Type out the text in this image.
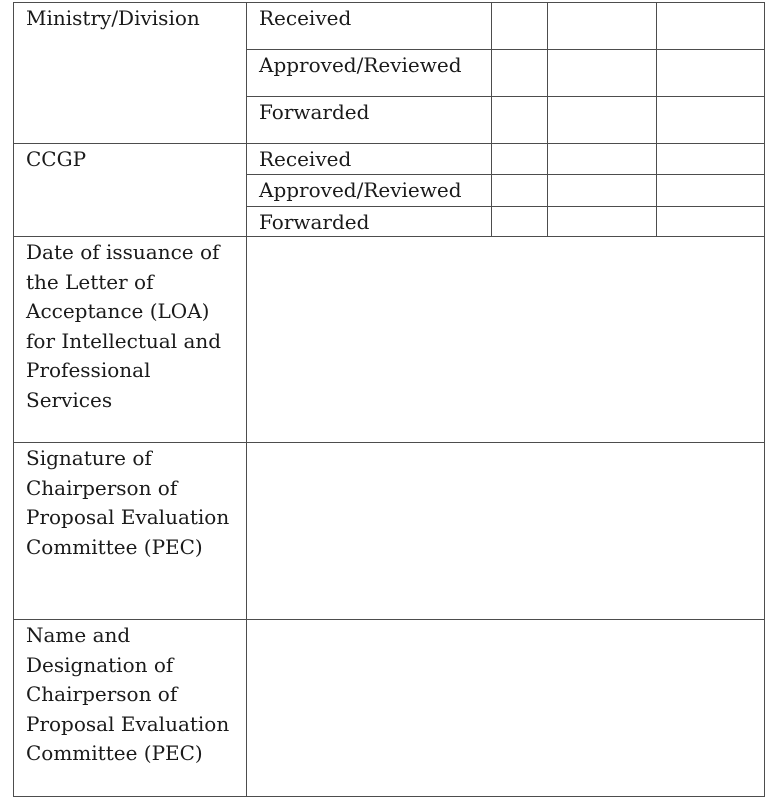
Ministry/Division	Received			

	Approved/Reviewed			

	Forwarded			

CCGP	Received			

	Approved/Reviewed			

	Forwarded			

Date of issuance of the Letter of Acceptance (LOA) for Intellectual and Professional Services				

Signature of Chairperson of Proposal Evaluation Committee (PEC)				

Name and Designation of Chairperson of Proposal Evaluation Committee (PEC)				
